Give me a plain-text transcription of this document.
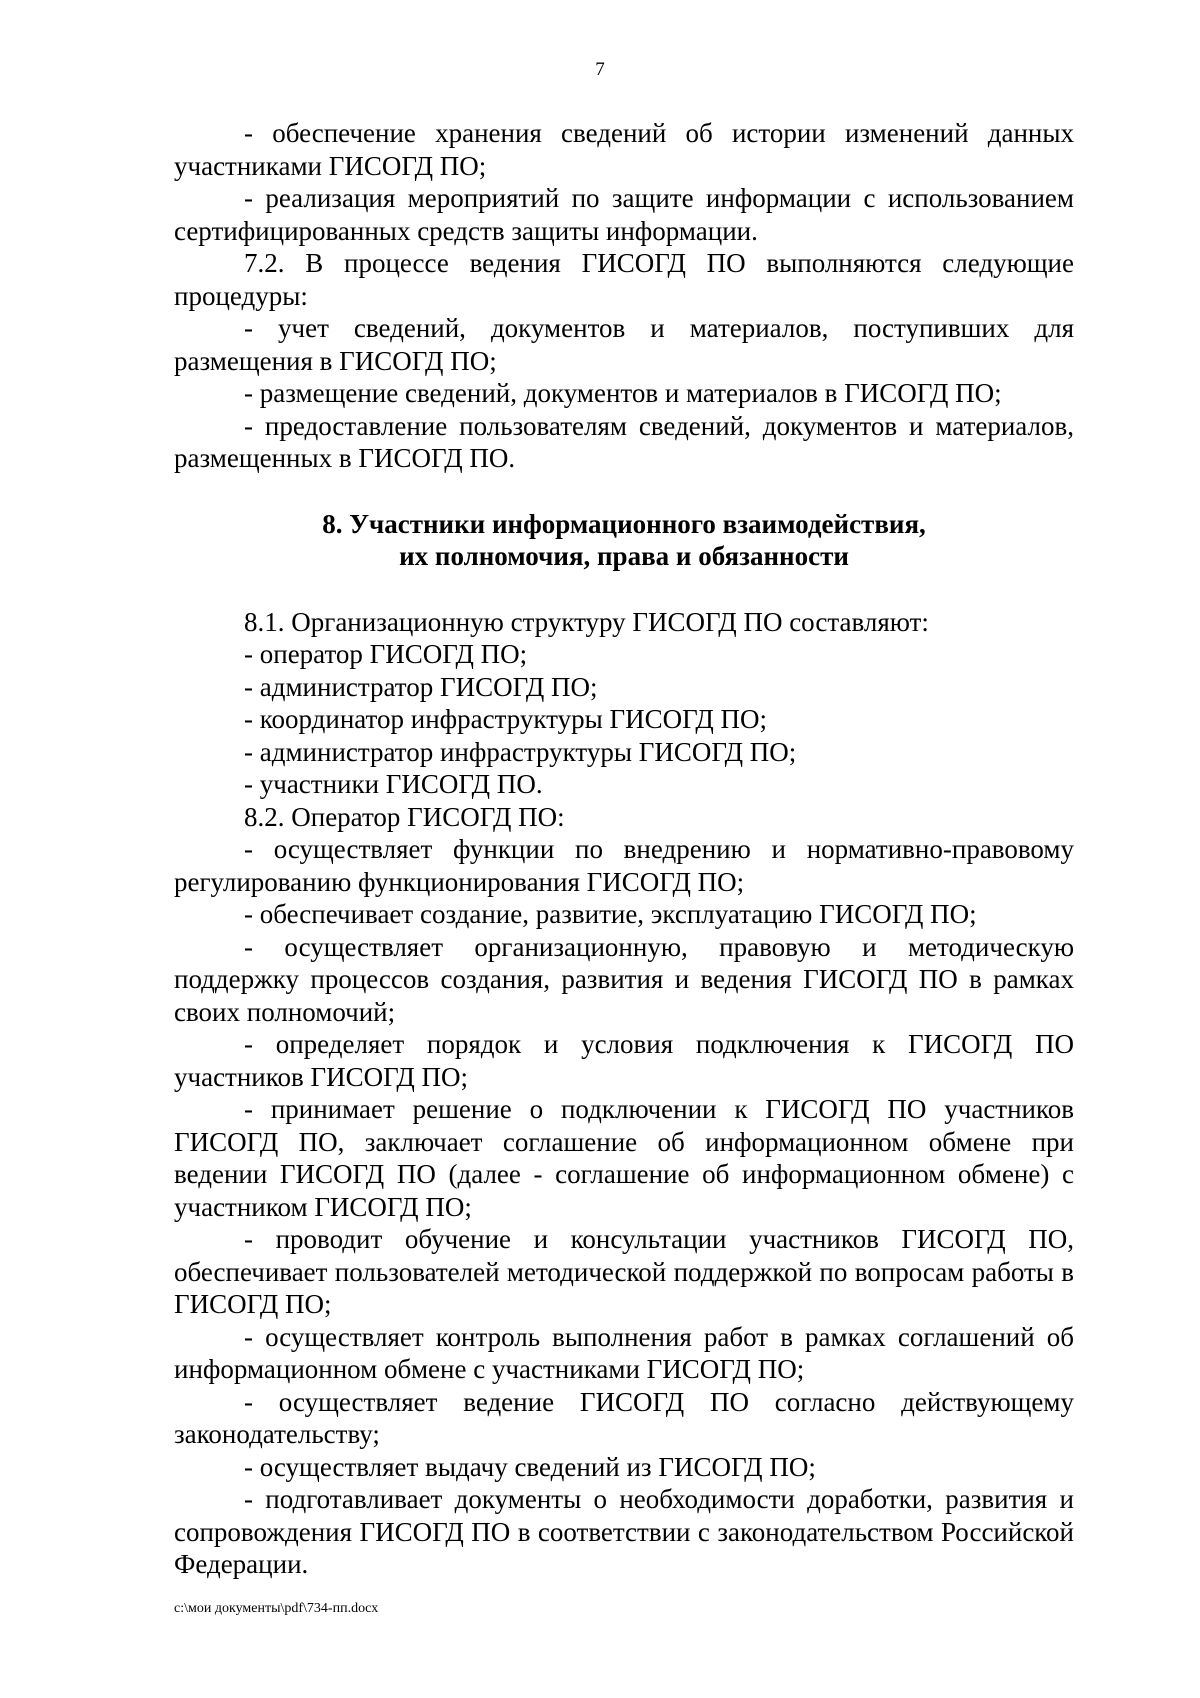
7

- обеспечение хранения сведений об истории изменений данных участниками ГИСОГД ПО;

- реализация мероприятий по защите информации с использованием сертифицированных средств защиты информации.

7.2. В процессе ведения ГИСОГД ПО выполняются следующие процедуры:

- учет сведений, документов и материалов, поступивших для размещения в ГИСОГД ПО;

- размещение сведений, документов и материалов в ГИСОГД ПО;

- предоставление пользователям сведений, документов и материалов, размещенных в ГИСОГД ПО.

8. Участники информационного взаимодействия,

их полномочия, права и обязанности

8.1. Организационную структуру ГИСОГД ПО составляют:

- оператор ГИСОГД ПО;

- администратор ГИСОГД ПО;

- координатор инфраструктуры ГИСОГД ПО;

- администратор инфраструктуры ГИСОГД ПО;

- участники ГИСОГД ПО.

8.2. Оператор ГИСОГД ПО:

- осуществляет функции по внедрению и нормативно-правовому регулированию функционирования ГИСОГД ПО;

- обеспечивает создание, развитие, эксплуатацию ГИСОГД ПО;

- осуществляет организационную, правовую и методическую поддержку процессов создания, развития и ведения ГИСОГД ПО в рамках своих полномочий;

- определяет порядок и условия подключения к ГИСОГД ПО участников ГИСОГД ПО;

- принимает решение о подключении к ГИСОГД ПО участников ГИСОГД ПО, заключает соглашение об информационном обмене при ведении ГИСОГД ПО (далее - соглашение об информационном обмене) с участником ГИСОГД ПО;

- проводит обучение и консультации участников ГИСОГД ПО, обеспечивает пользователей методической поддержкой по вопросам работы в ГИСОГД ПО;

- осуществляет контроль выполнения работ в рамках соглашений об информационном обмене с участниками ГИСОГД ПО;

- осуществляет ведение ГИСОГД ПО согласно действующему законодательству;

- осуществляет выдачу сведений из ГИСОГД ПО;

- подготавливает документы о необходимости доработки, развития и сопровождения ГИСОГД ПО в соответствии с законодательством Российской Федерации.

c:\мои документы\pdf\734-пп.docx
